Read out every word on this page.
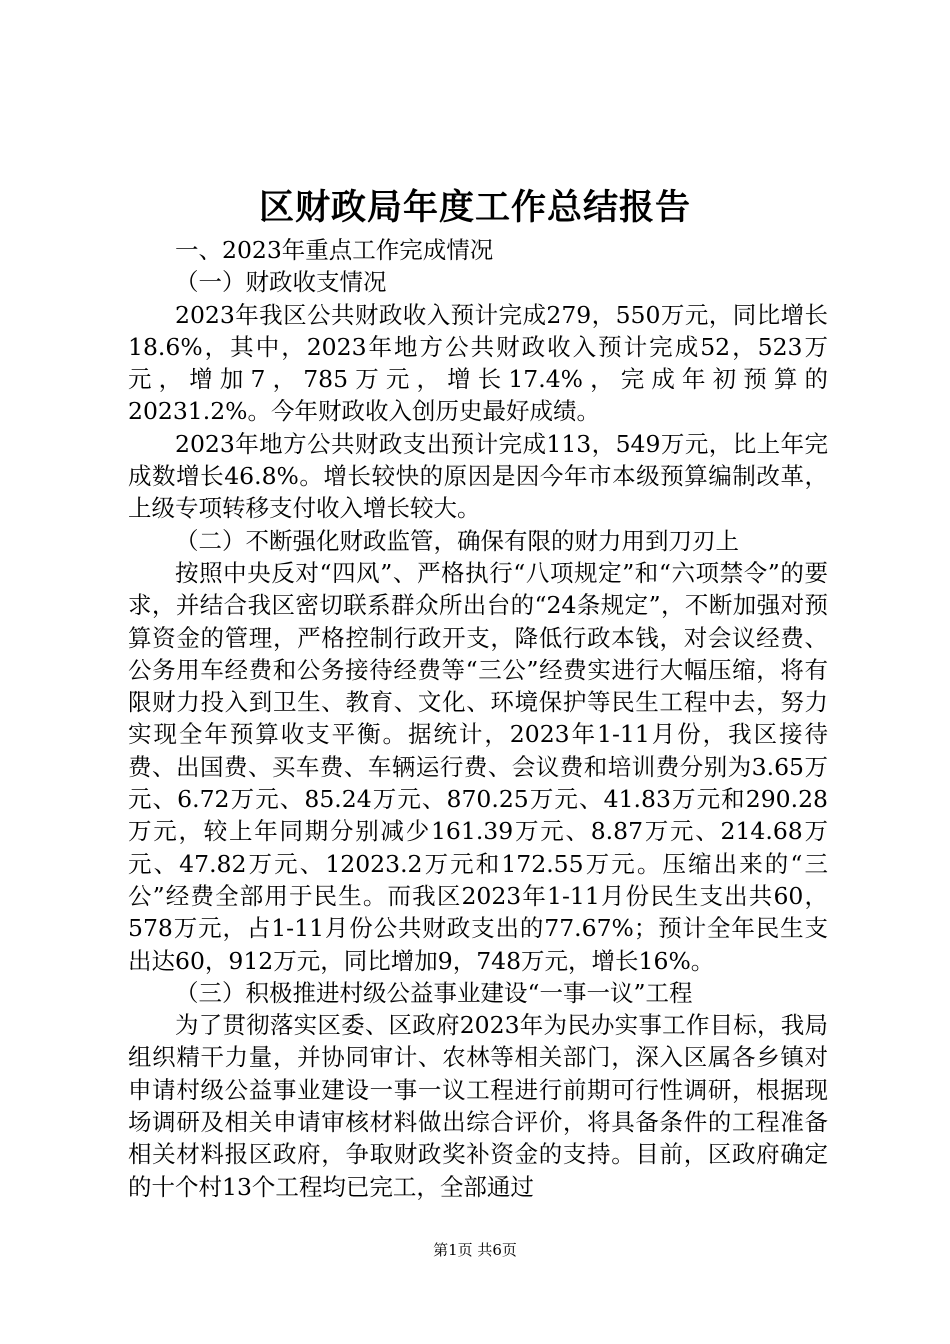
区财政局年度工作总结报告

一、2023年重点工作完成情况

（一）财政收支情况

2023年我区公共财政收入预计完成279，550万元，同比增长18.6%，其中，2023年地方公共财政收入预计完成52，523万元，增加7，785万元，增长17.4%，完成年初预算的20231.2%。今年财政收入创历史最好成绩。

2023年地方公共财政支出预计完成113，549万元，比上年完成数增长46.8%。增长较快的原因是因今年市本级预算编制改革，上级专项转移支付收入增长较大。

（二）不断强化财政监管，确保有限的财力用到刀刃上

按照中央反对“四风”、严格执行“八项规定”和“六项禁令”的要求，并结合我区密切联系群众所出台的“24条规定”，不断加强对预算资金的管理，严格控制行政开支，降低行政本钱，对会议经费、公务用车经费和公务接待经费等“三公”经费实进行大幅压缩，将有限财力投入到卫生、教育、文化、环境保护等民生工程中去，努力实现全年预算收支平衡。据统计，2023年1-11月份，我区接待费、出国费、买车费、车辆运行费、会议费和培训费分别为3.65万元、6.72万元、85.24万元、870.25万元、41.83万元和290.28万元，较上年同期分别减少161.39万元、8.87万元、214.68万元、47.82万元、12023.2万元和172.55万元。压缩出来的“三公”经费全部用于民生。而我区2023年1-11月份民生支出共60，578万元，占1-11月份公共财政支出的77.67%；预计全年民生支出达60，912万元，同比增加9，748万元，增长16%。

（三）积极推进村级公益事业建设“一事一议”工程

为了贯彻落实区委、区政府2023年为民办实事工作目标，我局组织精干力量，并协同审计、农林等相关部门，深入区属各乡镇对申请村级公益事业建设一事一议工程进行前期可行性调研，根据现场调研及相关申请审核材料做出综合评价，将具备条件的工程准备相关材料报区政府，争取财政奖补资金的支持。目前，区政府确定的十个村13个工程均已完工，全部通过

第1页 共6页
